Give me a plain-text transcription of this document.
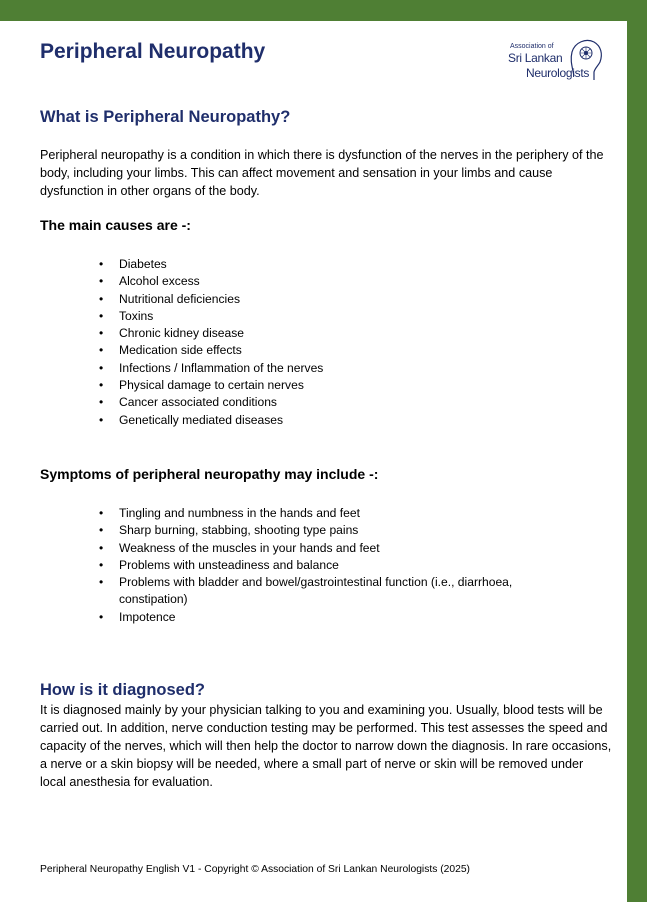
Peripheral Neuropathy	Association of
Sri Lankan
Neurologists
What is Peripheral Neuropathy?

Peripheral neuropathy is a condition in which there is dysfunction of the nerves in the periphery of the body, including your limbs. This can affect movement and sensation in your limbs and cause dysfunction in other organs of the body.

The main causes are -:
• Diabetes
• Alcohol excess
• Nutritional deficiencies
• Toxins
• Chronic kidney disease
• Medication side effects
• Infections / Inflammation of the nerves
• Physical damage to certain nerves
• Cancer associated conditions
• Genetically mediated diseases
Symptoms of peripheral neuropathy may include -:
• Tingling and numbness in the hands and feet
• Sharp burning, stabbing, shooting type pains
• Weakness of the muscles in your hands and feet
• Problems with unsteadiness and balance
• Problems with bladder and bowel/gastrointestinal function (i.e., diarrhoea, constipation)
• Impotence
How is it diagnosed?

It is diagnosed mainly by your physician talking to you and examining you. Usually, blood tests will be carried out. In addition, nerve conduction testing may be performed. This test assesses the speed and capacity of the nerves, which will then help the doctor to narrow down the diagnosis. In rare occasions, a nerve or a skin biopsy will be needed, where a small part of nerve or skin will be removed under local anesthesia for evaluation.

Peripheral Neuropathy English V1 - Copyright © Association of Sri Lankan Neurologists (2025)
